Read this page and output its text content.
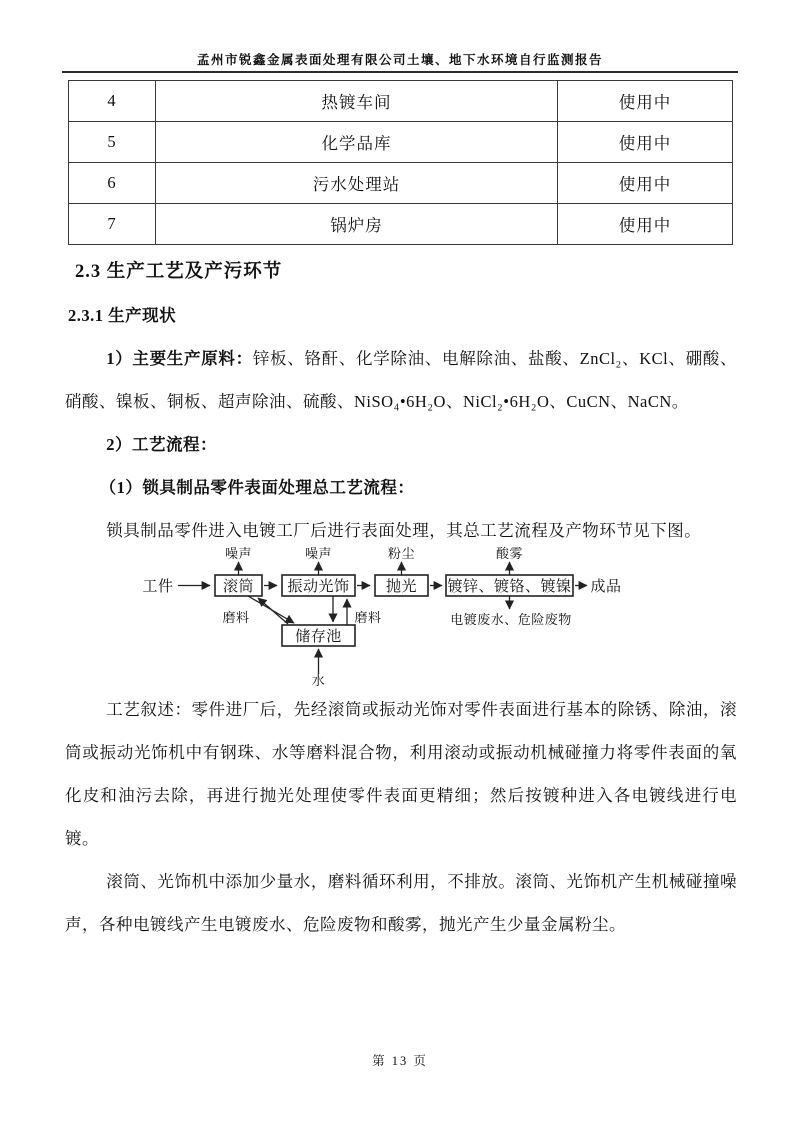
孟州市锐鑫金属表面处理有限公司土壤、地下水环境自行监测报告
4	热镀车间	使用中
5	化学品库	使用中
6	污水处理站	使用中
7	锅炉房	使用中
2.3 生产工艺及产污环节
2.3.1 生产现状

1）主要生产原料：锌板、铬酐、化学除油、电解除油、盐酸、ZnCl₂、KCl、硼酸、硝酸、镍板、铜板、超声除油、硫酸、NiSO₄•6H₂O、NiCl₂•6H₂O、CuCN、NaCN。

2）工艺流程：

（1）锁具制品零件表面处理总工艺流程：

锁具制品零件进入电镀工厂后进行表面处理，其总工艺流程及产物环节见下图。

工件	滚筒 振动光饰 抛光 镀锌、镀铬、镀镍
储存池
成品
噪声	噪声	粉尘	酸雾
磨料	磨料	电镀废水、危险废物
水

工艺叙述：零件进厂后，先经滚筒或振动光饰对零件表面进行基本的除锈、除油，滚筒或振动光饰机中有钢珠、水等磨料混合物，利用滚动或振动机械碰撞力将零件表面的氧化皮和油污去除，再进行抛光处理使零件表面更精细；然后按镀种进入各电镀线进行电镀。

滚筒、光饰机中添加少量水，磨料循环利用，不排放。滚筒、光饰机产生机械碰撞噪声，各种电镀线产生电镀废水、危险废物和酸雾，抛光产生少量金属粉尘。

第 13 页
